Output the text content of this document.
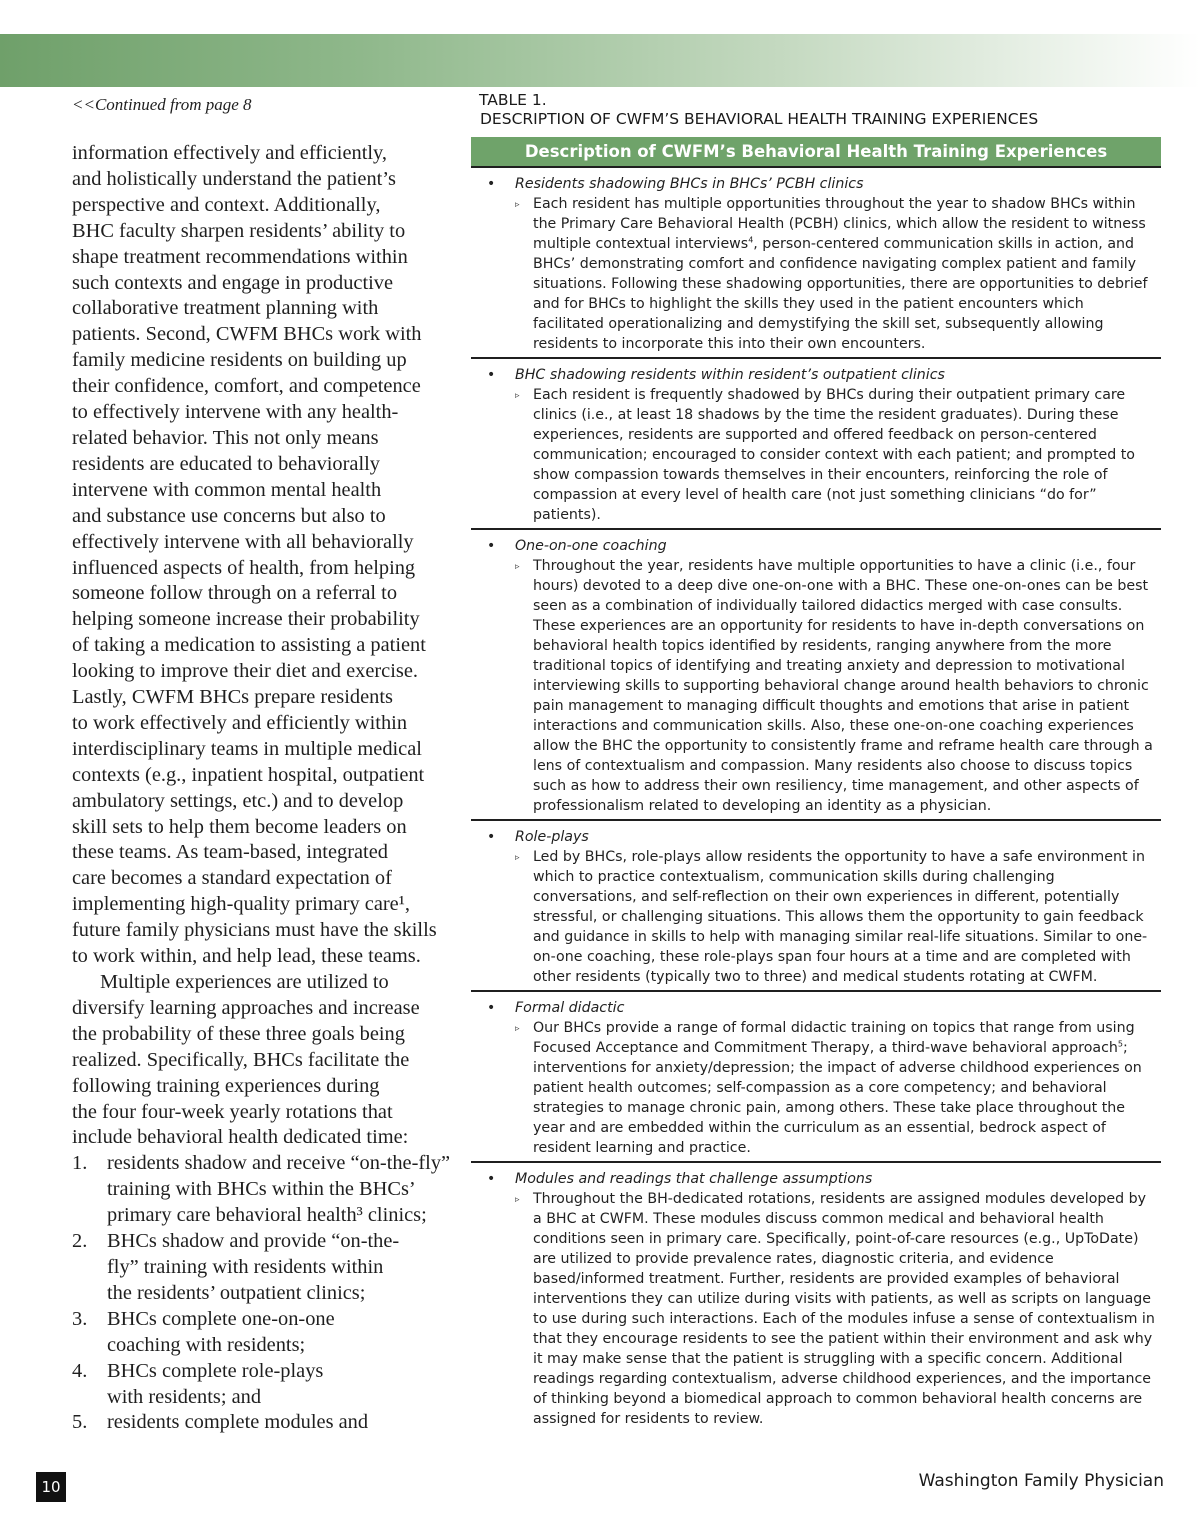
<<Continued from page 8

information effectively and efficiently,
and holistically understand the patient’s
perspective and context. Additionally,
BHC faculty sharpen residents’ ability to
shape treatment recommendations within
such contexts and engage in productive
collaborative treatment planning with
patients. Second, CWFM BHCs work with
family medicine residents on building up
their confidence, comfort, and competence
to effectively intervene with any health-
related behavior. This not only means
residents are educated to behaviorally
intervene with common mental health
and substance use concerns but also to
effectively intervene with all behaviorally
influenced aspects of health, from helping
someone follow through on a referral to
helping someone increase their probability
of taking a medication to assisting a patient
looking to improve their diet and exercise.
Lastly, CWFM BHCs prepare residents
to work effectively and efficiently within
interdisciplinary teams in multiple medical
contexts (e.g., inpatient hospital, outpatient
ambulatory settings, etc.) and to develop
skill sets to help them become leaders on
these teams. As team-based, integrated
care becomes a standard expectation of
implementing high-quality primary care¹,
future family physicians must have the skills
to work within, and help lead, these teams.

Multiple experiences are utilized to
diversify learning approaches and increase
the probability of these three goals being
realized. Specifically, BHCs facilitate the
following training experiences during
the four four-week yearly rotations that
include behavioral health dedicated time:

1. residents shadow and receive “on-the-fly”
training with BHCs within the BHCs’
primary care behavioral health³ clinics;
2. BHCs shadow and provide “on-the-
fly” training with residents within
the residents’ outpatient clinics;
3. BHCs complete one-on-one
coaching with residents;
4. BHCs complete role-plays
with residents; and
5. residents complete modules and
TABLE 1.
DESCRIPTION OF CWFM’S BEHAVIORAL HEALTH TRAINING EXPERIENCES
Description of CWFM’s Behavioral Health Training Experiences
• Residents shadowing BHCs in BHCs’ PCBH clinics
▹ Each resident has multiple opportunities throughout the year to shadow BHCs within the Primary Care Behavioral Health (PCBH) clinics, which allow the resident to witness multiple contextual interviews$^4$, person-centered communication skills in action, and BHCs’ demonstrating comfort and confidence navigating complex patient and family situations. Following these shadowing opportunities, there are opportunities to debrief and for BHCs to highlight the skills they used in the patient encounters which facilitated operationalizing and demystifying the skill set, subsequently allowing residents to incorporate this into their own encounters.
• BHC shadowing residents within resident’s outpatient clinics
▹ Each resident is frequently shadowed by BHCs during their outpatient primary care clinics (i.e., at least 18 shadows by the time the resident graduates). During these experiences, residents are supported and offered feedback on person-centered communication; encouraged to consider context with each patient; and prompted to show compassion towards themselves in their encounters, reinforcing the role of compassion at every level of health care (not just something clinicians “do for” patients).
• One-on-one coaching
▹ Throughout the year, residents have multiple opportunities to have a clinic (i.e., four hours) devoted to a deep dive one-on-one with a BHC. These one-on-ones can be best seen as a combination of individually tailored didactics merged with case consults. These experiences are an opportunity for residents to have in-depth conversations on behavioral health topics identified by residents, ranging anywhere from the more traditional topics of identifying and treating anxiety and depression to motivational interviewing skills to supporting behavioral change around health behaviors to chronic pain management to managing difficult thoughts and emotions that arise in patient interactions and communication skills. Also, these one-on-one coaching experiences allow the BHC the opportunity to consistently frame and reframe health care through a lens of contextualism and compassion. Many residents also choose to discuss topics such as how to address their own resiliency, time management, and other aspects of professionalism related to developing an identity as a physician.
• Role-plays
▹ Led by BHCs, role-plays allow residents the opportunity to have a safe environment in which to practice contextualism, communication skills during challenging conversations, and self-reflection on their own experiences in different, potentially stressful, or challenging situations. This allows them the opportunity to gain feedback and guidance in skills to help with managing similar real-life situations. Similar to one-on-one coaching, these role-plays span four hours at a time and are completed with other residents (typically two to three) and medical students rotating at CWFM.
• Formal didactic
▹ Our BHCs provide a range of formal didactic training on topics that range from using Focused Acceptance and Commitment Therapy, a third-wave behavioral approach$^5$; interventions for anxiety/depression; the impact of adverse childhood experiences on patient health outcomes; self-compassion as a core competency; and behavioral strategies to manage chronic pain, among others. These take place throughout the year and are embedded within the curriculum as an essential, bedrock aspect of resident learning and practice.
• Modules and readings that challenge assumptions
▹ Throughout the BH-dedicated rotations, residents are assigned modules developed by a BHC at CWFM. These modules discuss common medical and behavioral health conditions seen in primary care. Specifically, point-of-care resources (e.g., UpToDate) are utilized to provide prevalence rates, diagnostic criteria, and evidence based/informed treatment. Further, residents are provided examples of behavioral interventions they can utilize during visits with patients, as well as scripts on language to use during such interactions. Each of the modules infuse a sense of contextualism in that they encourage residents to see the patient within their environment and ask why it may make sense that the patient is struggling with a specific concern. Additional readings regarding contextualism, adverse childhood experiences, and the importance of thinking beyond a biomedical approach to common behavioral health concerns are assigned for residents to review.
10	Washington Family Physician
